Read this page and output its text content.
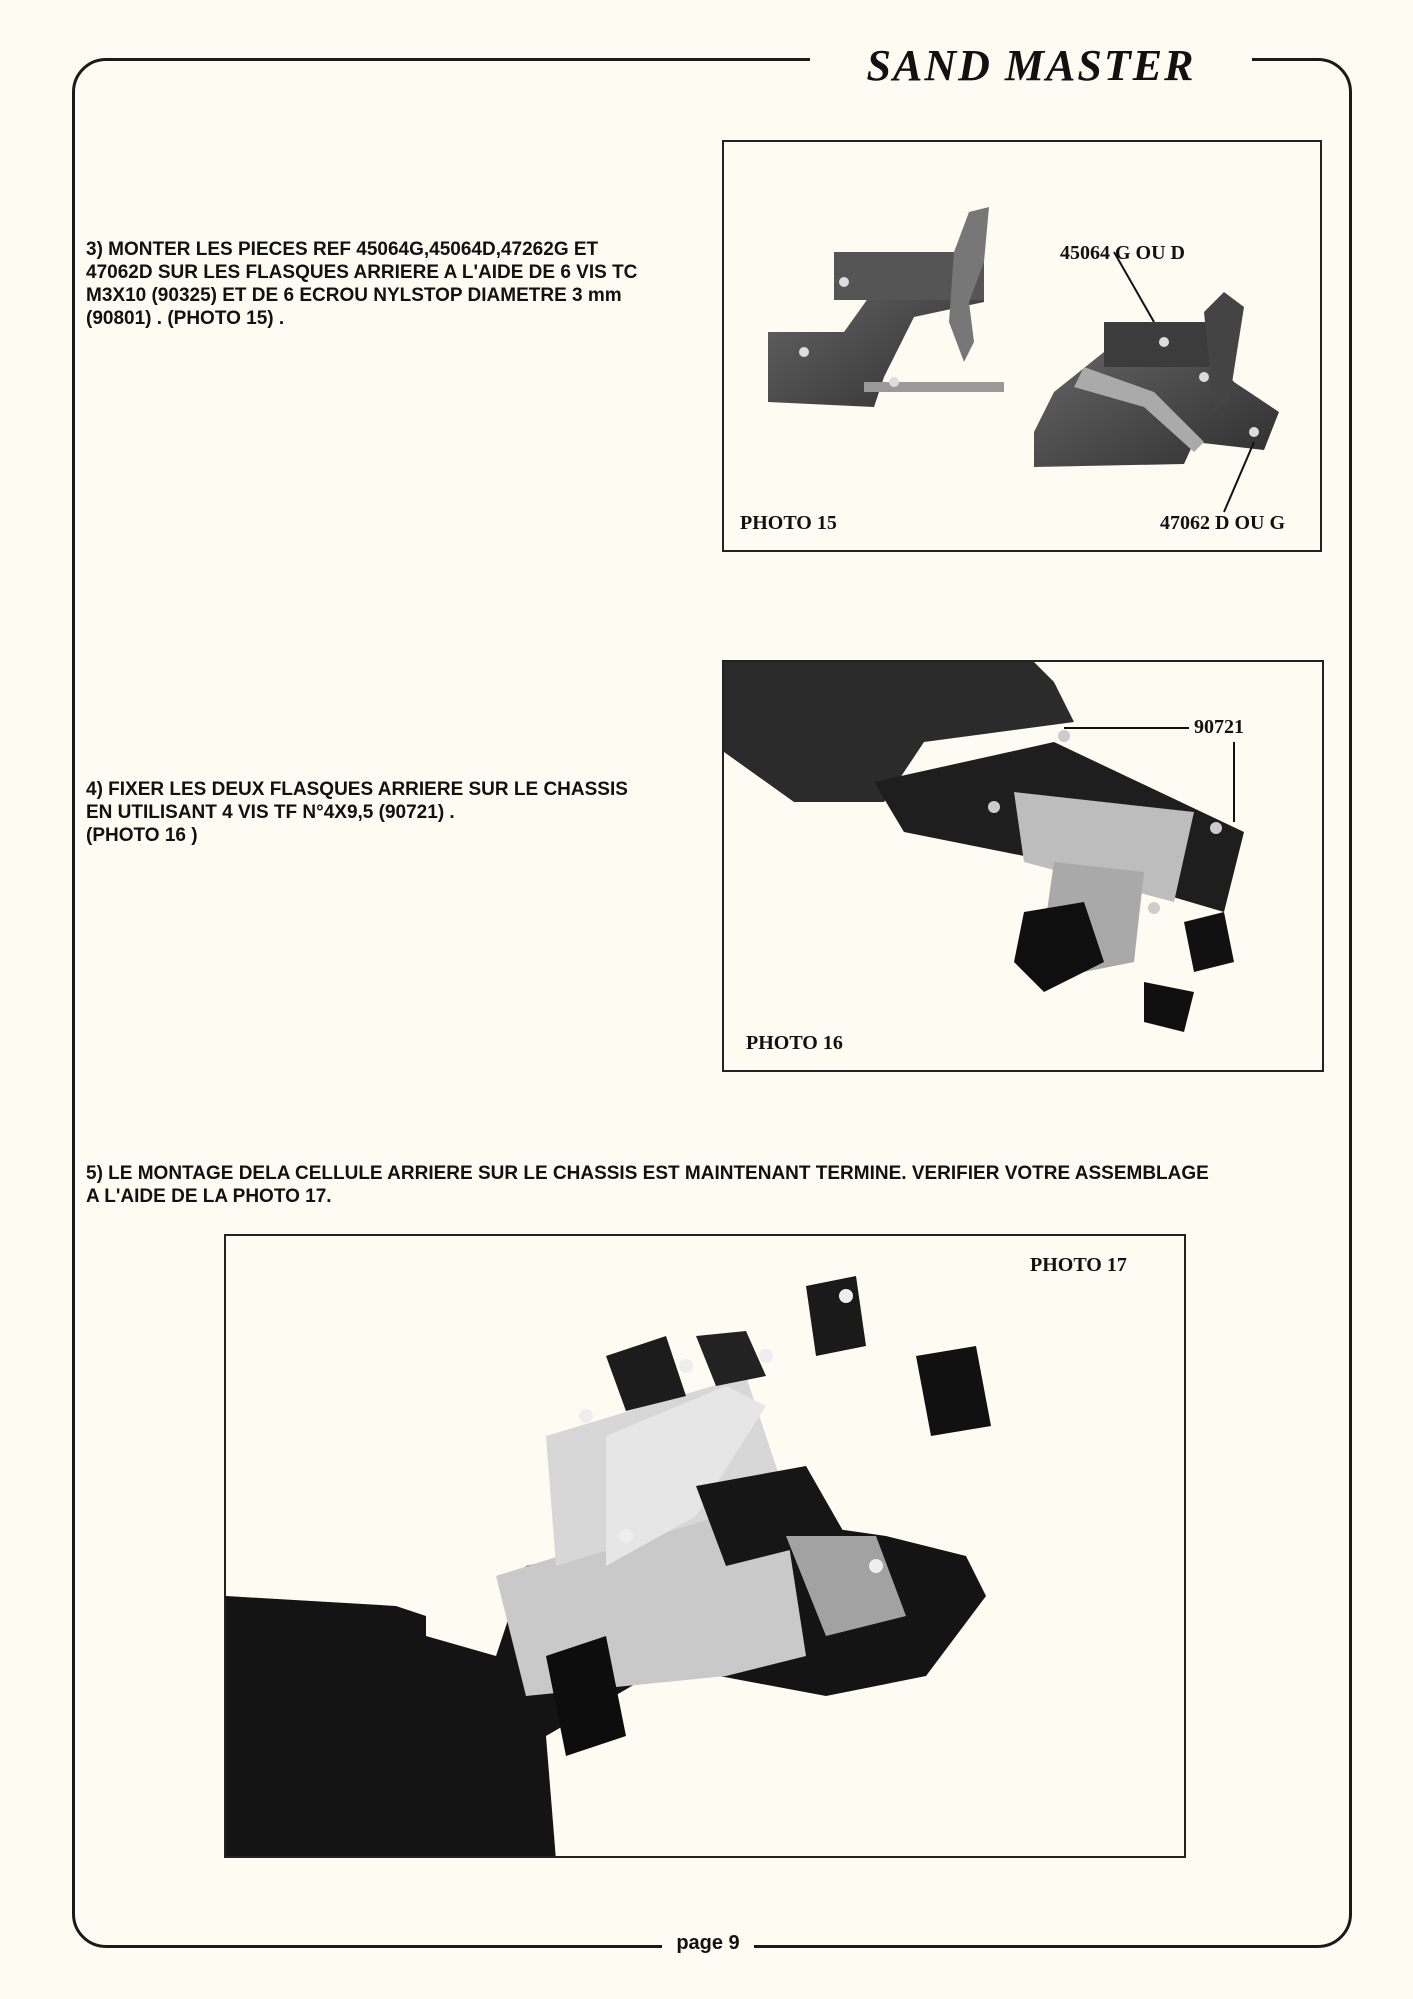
SAND MASTER
page 9
3) MONTER LES PIECES REF 45064G,45064D,47262G ET
47062D SUR LES FLASQUES ARRIERE A L'AIDE DE 6 VIS TC
M3X10 (90325) ET DE 6 ECROU NYLSTOP DIAMETRE 3 mm
(90801) . (PHOTO 15) .
45064 G OU D
47062 D OU G
PHOTO 15
4) FIXER LES DEUX FLASQUES ARRIERE SUR LE CHASSIS
EN UTILISANT 4 VIS TF N°4X9,5 (90721) .
(PHOTO 16 )
90721
PHOTO 16
5) LE MONTAGE DELA CELLULE ARRIERE SUR LE CHASSIS EST MAINTENANT TERMINE. VERIFIER VOTRE ASSEMBLAGE
A L'AIDE DE LA PHOTO 17.
PHOTO 17
